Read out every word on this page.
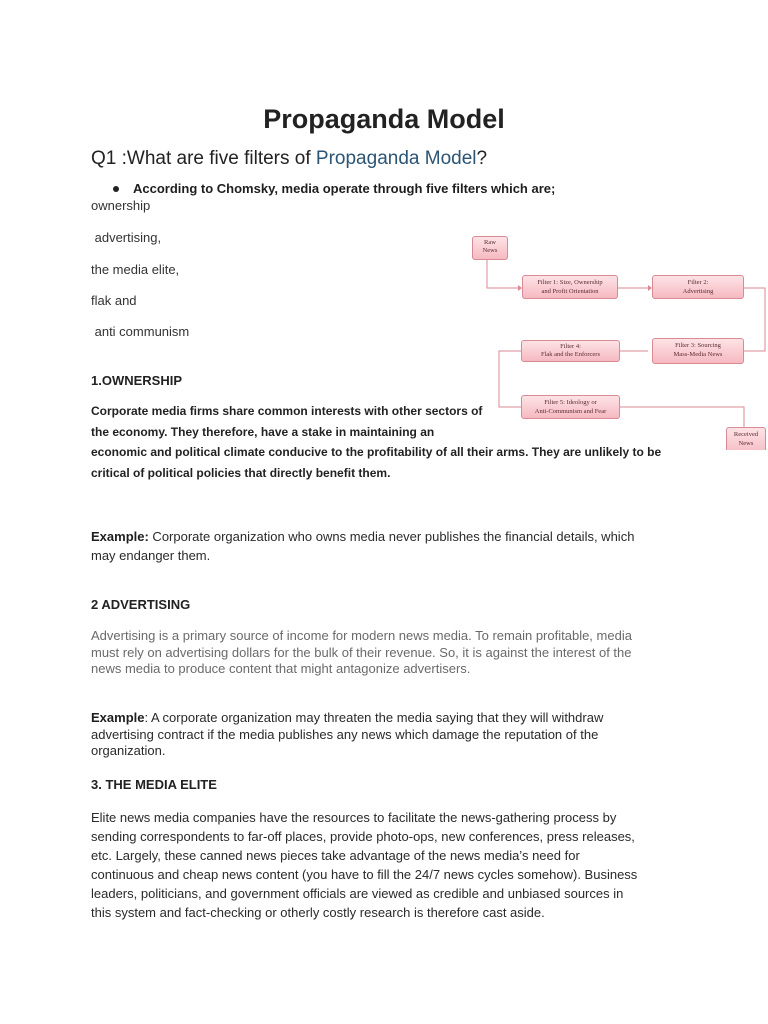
Propaganda Model
Q1 :What are five filters of Propaganda Model?
According to Chomsky, media operate through five filters which are;
ownership
advertising,
the media elite,
flak and
anti communism
Raw
News
Filter 1: Size, Ownership
and Profit Orientation
Filter 2:
Advertising
Filter 3: Sourcing
Mass-Media News
Filter 4:
Flak and the Enforcers
Filter 5: Ideology or
Anti-Communism and Fear
Received
News
1.OWNERSHIP
Corporate media firms share common interests with other sectors of
the economy. They therefore, have a stake in maintaining an
economic and political climate conducive to the profitability of all their arms. They are unlikely to be
critical of political policies that directly benefit them.
Example: Corporate organization who owns media never publishes the financial details, which
may endanger them.
2 ADVERTISING
Advertising is a primary source of income for modern news media. To remain profitable, media
must rely on advertising dollars for the bulk of their revenue. So, it is against the interest of the
news media to produce content that might antagonize advertisers.
Example: A corporate organization may threaten the media saying that they will withdraw
advertising contract if the media publishes any news which damage the reputation of the
organization.
3. THE MEDIA ELITE
Elite news media companies have the resources to facilitate the news-gathering process by
sending correspondents to far-off places, provide photo-ops, new conferences, press releases,
etc. Largely, these canned news pieces take advantage of the news media’s need for
continuous and cheap news content (you have to fill the 24/7 news cycles somehow). Business
leaders, politicians, and government officials are viewed as credible and unbiased sources in
this system and fact-checking or otherly costly research is therefore cast aside.
